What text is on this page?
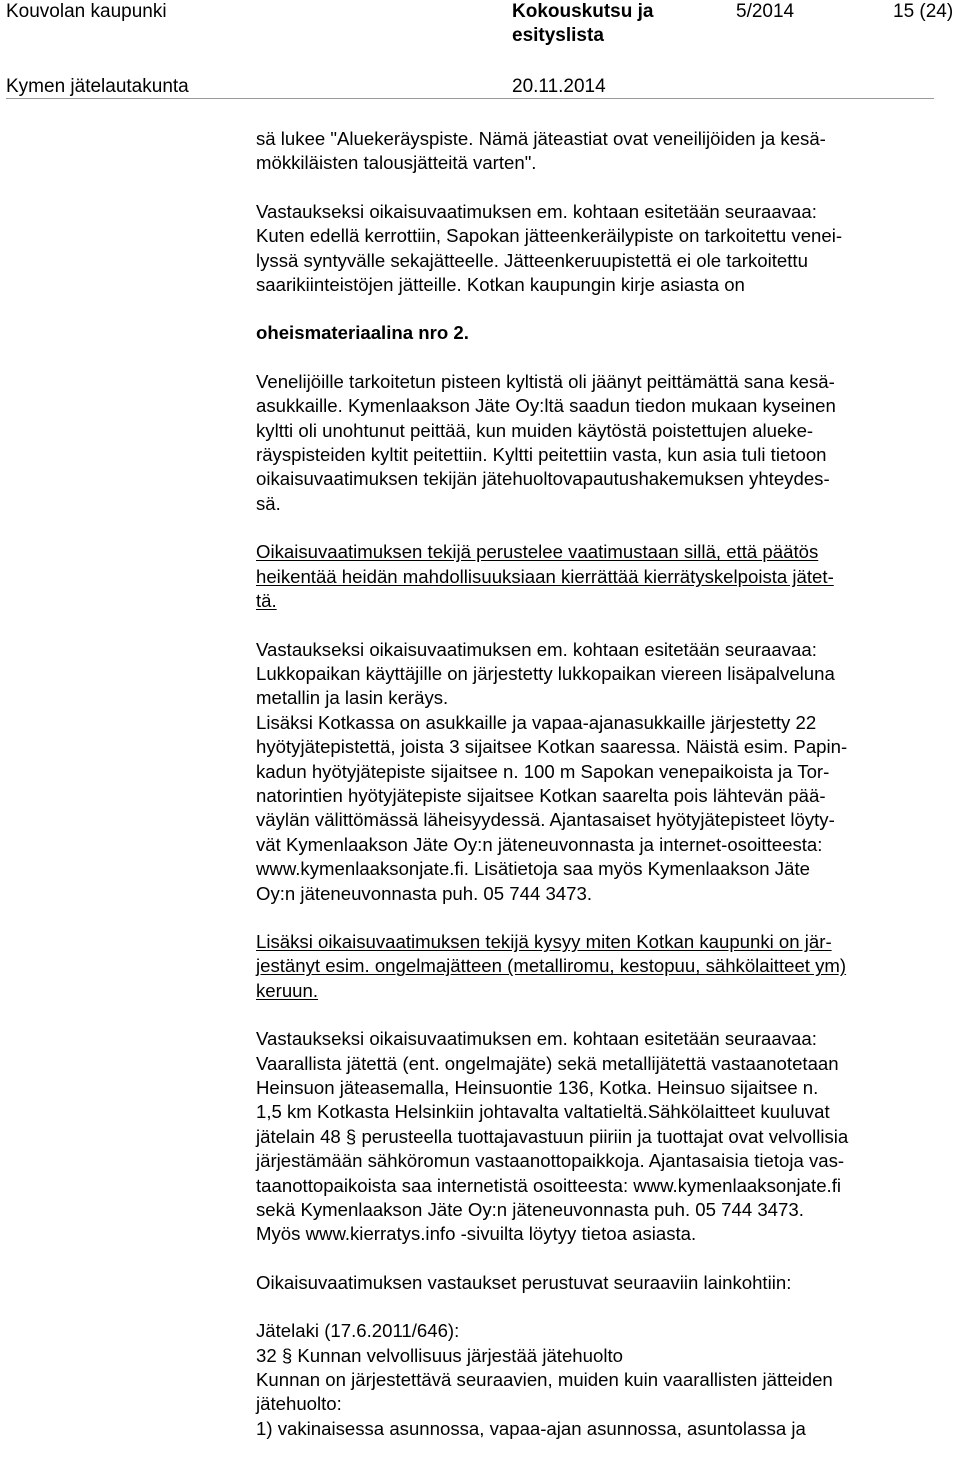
Kouvolan kaupunki	Kokouskutsu ja
esityslista
5/2014	15 (24)
Kymen jätelautakunta	20.11.2014

sä lukee "Aluekeräyspiste. Nämä jäteastiat ovat veneilijöiden ja kesä-
mökkiläisten talousjätteitä varten".

Vastaukseksi oikaisuvaatimuksen em. kohtaan esitetään seuraavaa:
Kuten edellä kerrottiin, Sapokan jätteenkeräilypiste on tarkoitettu venei-
lyssä syntyvälle sekajätteelle. Jätteenkeruupistettä ei ole tarkoitettu
saarikiinteistöjen jätteille. Kotkan kaupungin kirje asiasta on

oheismateriaalina nro 2.

Venelijöille tarkoitetun pisteen kyltistä oli jäänyt peittämättä sana kesä-
asukkaille. Kymenlaakson Jäte Oy:ltä saadun tiedon mukaan kyseinen
kyltti oli unohtunut peittää, kun muiden käytöstä poistettujen alueke-
räyspisteiden kyltit peitettiin. Kyltti peitettiin vasta, kun asia tuli tietoon
oikaisuvaatimuksen tekijän jätehuoltovapautushakemuksen yhteydes-
sä.

Oikaisuvaatimuksen tekijä perustelee vaatimustaan sillä, että päätös
heikentää heidän mahdollisuuksiaan kierrättää kierrätyskelpoista jätet-
tä.

Vastaukseksi oikaisuvaatimuksen em. kohtaan esitetään seuraavaa:
Lukkopaikan käyttäjille on järjestetty lukkopaikan viereen lisäpalveluna
metallin ja lasin keräys.
Lisäksi Kotkassa on asukkaille ja vapaa-ajanasukkaille järjestetty 22
hyötyjätepistettä, joista 3 sijaitsee Kotkan saaressa. Näistä esim. Papin-
kadun hyötyjätepiste sijaitsee n. 100 m Sapokan venepaikoista ja Tor-
natorintien hyötyjätepiste sijaitsee Kotkan saarelta pois lähtevän pää-
väylän välittömässä läheisyydessä. Ajantasaiset hyötyjätepisteet löyty-
vät Kymenlaakson Jäte Oy:n jäteneuvonnasta ja internet-osoitteesta:
www.kymenlaaksonjate.fi. Lisätietoja saa myös Kymenlaakson Jäte
Oy:n jäteneuvonnasta puh. 05 744 3473.

Lisäksi oikaisuvaatimuksen tekijä kysyy miten Kotkan kaupunki on jär-
jestänyt esim. ongelmajätteen (metalliromu, kestopuu, sähkölaitteet ym)
keruun.

Vastaukseksi oikaisuvaatimuksen em. kohtaan esitetään seuraavaa:
Vaarallista jätettä (ent. ongelmajäte) sekä metallijätettä vastaanotetaan
Heinsuon jäteasemalla, Heinsuontie 136, Kotka. Heinsuo sijaitsee n.
1,5 km Kotkasta Helsinkiin johtavalta valtatieltä.Sähkölaitteet kuuluvat
jätelain 48 § perusteella tuottajavastuun piiriin ja tuottajat ovat velvollisia
järjestämään sähköromun vastaanottopaikkoja. Ajantasaisia tietoja vas-
taanottopaikoista saa internetistä osoitteesta: www.kymenlaaksonjate.fi
sekä Kymenlaakson Jäte Oy:n jäteneuvonnasta puh. 05 744 3473.
Myös www.kierratys.info -sivuilta löytyy tietoa asiasta.

Oikaisuvaatimuksen vastaukset perustuvat seuraaviin lainkohtiin:

Jätelaki (17.6.2011/646):
32 § Kunnan velvollisuus järjestää jätehuolto
Kunnan on järjestettävä seuraavien, muiden kuin vaarallisten jätteiden
jätehuolto:
1) vakinaisessa asunnossa, vapaa-ajan asunnossa, asuntolassa ja
